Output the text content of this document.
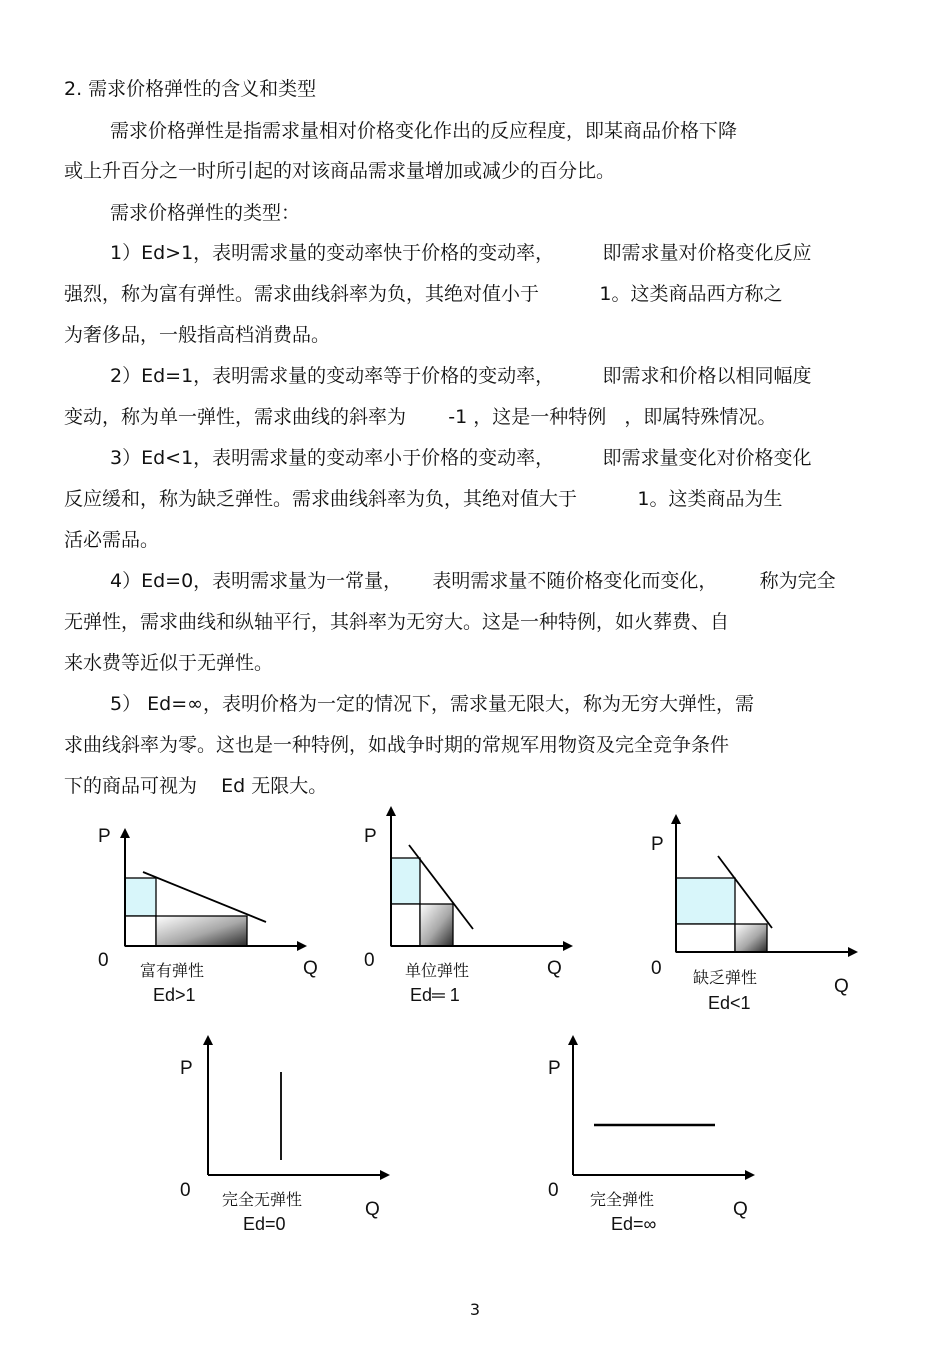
2. 需求价格弹性的含义和类型
需求价格弹性是指需求量相对价格变化作出的反应程度，即某商品价格下降
或上升百分之一时所引起的对该商品需求量增加或减少的百分比。
需求价格弹性的类型：
1）Ed>1，表明需求量的变动率快于价格的变动率，        即需求量对价格变化反应
强烈，称为富有弹性。需求曲线斜率为负，其绝对值小于          1。这类商品西方称之
为奢侈品，一般指高档消费品。
2）Ed=1，表明需求量的变动率等于价格的变动率，        即需求和价格以相同幅度
变动，称为单一弹性，需求曲线的斜率为       -1 ，这是一种特例   ，即属特殊情况。
3）Ed<1，表明需求量的变动率小于价格的变动率，        即需求量变化对价格变化
反应缓和，称为缺乏弹性。需求曲线斜率为负，其绝对值大于          1。这类商品为生
活必需品。
4）Ed=0，表明需求量为一常量，     表明需求量不随价格变化而变化，       称为完全
无弹性，需求曲线和纵轴平行，其斜率为无穷大。这是一种特例，如火葬费、自
来水费等近似于无弹性。
5） Ed=∞，表明价格为一定的情况下，需求量无限大，称为无穷大弹性，需
求曲线斜率为零。这也是一种特例，如战争时期的常规军用物资及完全竞争条件
下的商品可视为    Ed 无限大。
P
0	Q
富有弹性
Ed>1
P
0	Q
单位弹性
Ed═ 1
P
0
Q
缺乏弹性
Ed<1
P
0
Q
完全无弹性
Ed=0
P
0
Q
完全弹性
Ed=∞
3
